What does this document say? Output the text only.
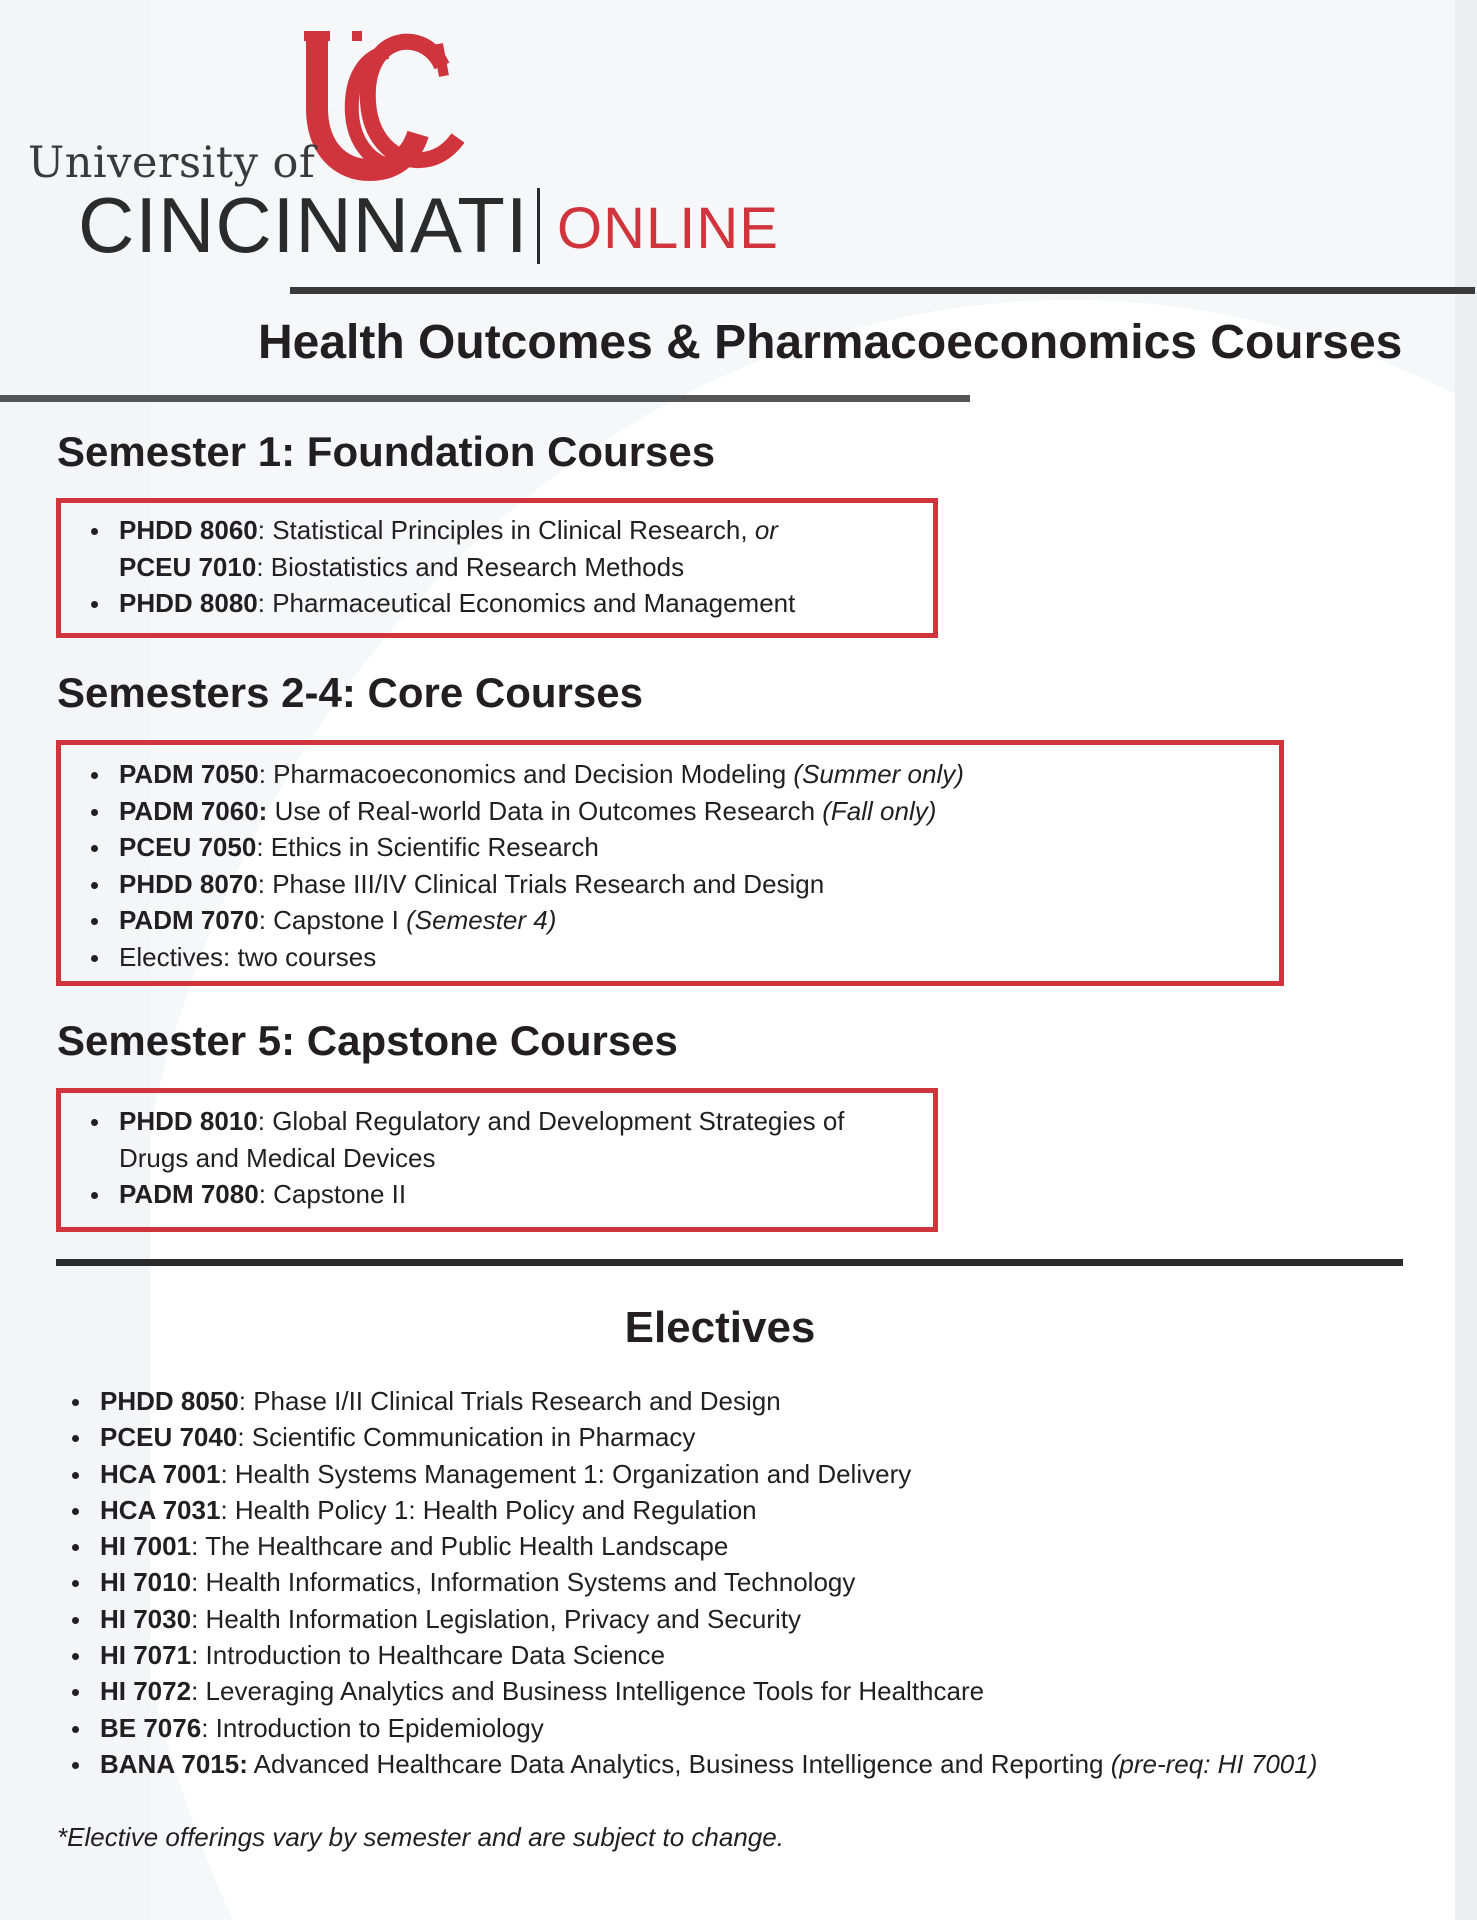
University of
CINCINNATI ONLINE
Health Outcomes & Pharmacoeconomics Courses
Semester 1: Foundation Courses
PHDD 8060: Statistical Principles in Clinical Research, or
PCEU 7010: Biostatistics and Research Methods
PHDD 8080: Pharmaceutical Economics and Management
Semesters 2-4: Core Courses
PADM 7050: Pharmacoeconomics and Decision Modeling (Summer only)
PADM 7060: Use of Real-world Data in Outcomes Research (Fall only)
PCEU 7050: Ethics in Scientific Research
PHDD 8070: Phase III/IV Clinical Trials Research and Design
PADM 7070: Capstone I (Semester 4)
Electives: two courses
Semester 5: Capstone Courses
PHDD 8010: Global Regulatory and Development Strategies of
Drugs and Medical Devices
PADM 7080: Capstone II
Electives
PHDD 8050: Phase I/II Clinical Trials Research and Design
PCEU 7040: Scientific Communication in Pharmacy
HCA 7001: Health Systems Management 1: Organization and Delivery
HCA 7031: Health Policy 1: Health Policy and Regulation
HI 7001: The Healthcare and Public Health Landscape
HI 7010: Health Informatics, Information Systems and Technology
HI 7030: Health Information Legislation, Privacy and Security
HI 7071: Introduction to Healthcare Data Science
HI 7072: Leveraging Analytics and Business Intelligence Tools for Healthcare
BE 7076: Introduction to Epidemiology
BANA 7015: Advanced Healthcare Data Analytics, Business Intelligence and Reporting (pre-req: HI 7001)
*Elective offerings vary by semester and are subject to change.
